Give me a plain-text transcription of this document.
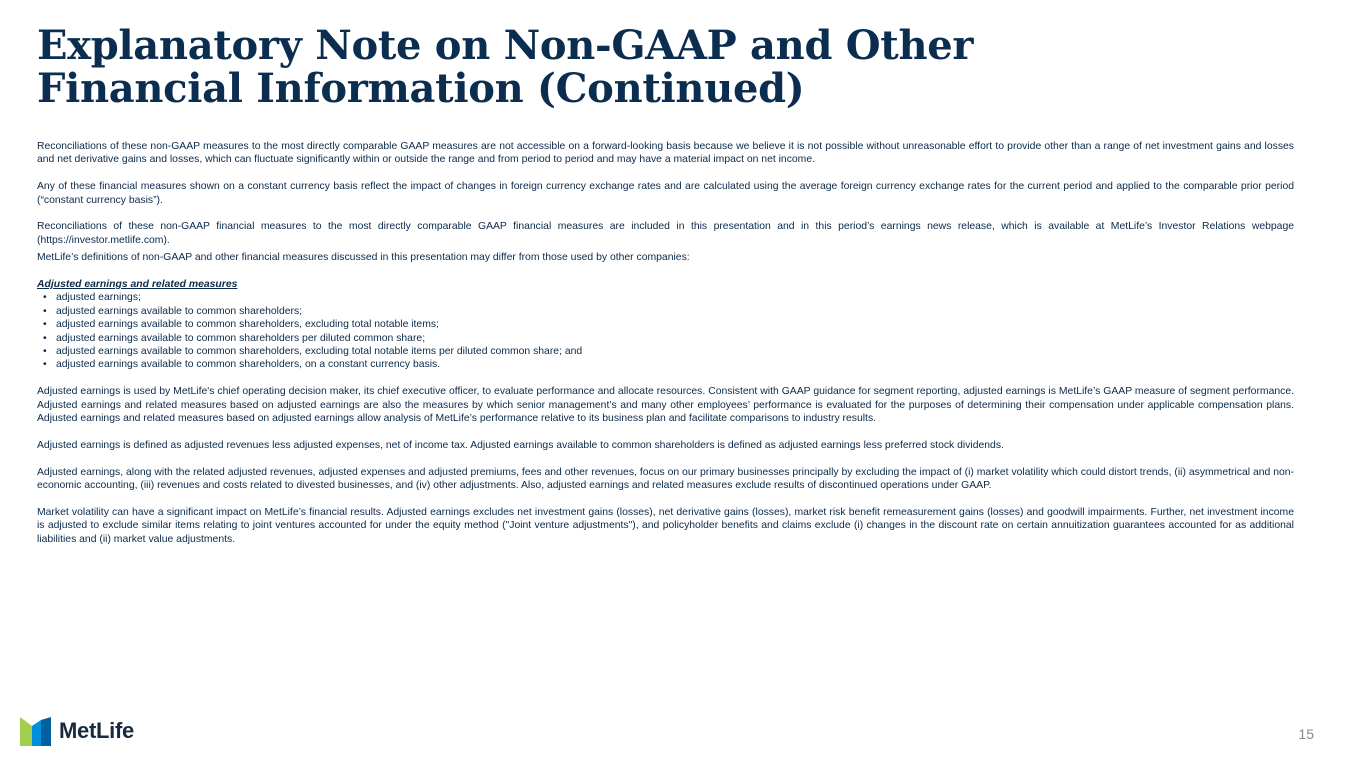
Explanatory Note on Non-GAAP and Other Financial Information (Continued)

Reconciliations of these non-GAAP measures to the most directly comparable GAAP measures are not accessible on a forward-looking basis because we believe it is not possible without unreasonable effort to provide other than a range of net investment gains and losses and net derivative gains and losses, which can fluctuate significantly within or outside the range and from period to period and may have a material impact on net income.

Any of these financial measures shown on a constant currency basis reflect the impact of changes in foreign currency exchange rates and are calculated using the average foreign currency exchange rates for the current period and applied to the comparable prior period (“constant currency basis”).

Reconciliations of these non-GAAP financial measures to the most directly comparable GAAP financial measures are included in this presentation and in this period’s earnings news release, which is available at MetLife’s Investor Relations webpage (https://investor.metlife.com).

MetLife’s definitions of non-GAAP and other financial measures discussed in this presentation may differ from those used by other companies:

Adjusted earnings and related measures

• adjusted earnings;
• adjusted earnings available to common shareholders;
• adjusted earnings available to common shareholders, excluding total notable items;
• adjusted earnings available to common shareholders per diluted common share;
• adjusted earnings available to common shareholders, excluding total notable items per diluted common share; and
• adjusted earnings available to common shareholders, on a constant currency basis.

Adjusted earnings is used by MetLife's chief operating decision maker, its chief executive officer, to evaluate performance and allocate resources. Consistent with GAAP guidance for segment reporting, adjusted earnings is MetLife’s GAAP measure of segment performance. Adjusted earnings and related measures based on adjusted earnings are also the measures by which senior management’s and many other employees’ performance is evaluated for the purposes of determining their compensation under applicable compensation plans. Adjusted earnings and related measures based on adjusted earnings allow analysis of MetLife’s performance relative to its business plan and facilitate comparisons to industry results.

Adjusted earnings is defined as adjusted revenues less adjusted expenses, net of income tax. Adjusted earnings available to common shareholders is defined as adjusted earnings less preferred stock dividends.

Adjusted earnings, along with the related adjusted revenues, adjusted expenses and adjusted premiums, fees and other revenues, focus on our primary businesses principally by excluding the impact of (i) market volatility which could distort trends, (ii) asymmetrical and non-economic accounting, (iii) revenues and costs related to divested businesses, and (iv) other adjustments. Also, adjusted earnings and related measures exclude results of discontinued operations under GAAP.

Market volatility can have a significant impact on MetLife’s financial results. Adjusted earnings excludes net investment gains (losses), net derivative gains (losses), market risk benefit remeasurement gains (losses) and goodwill impairments. Further, net investment income is adjusted to exclude similar items relating to joint ventures accounted for under the equity method ("Joint venture adjustments"), and policyholder benefits and claims exclude (i) changes in the discount rate on certain annuitization guarantees accounted for as additional liabilities and (ii) market value adjustments.

MetLife	15
